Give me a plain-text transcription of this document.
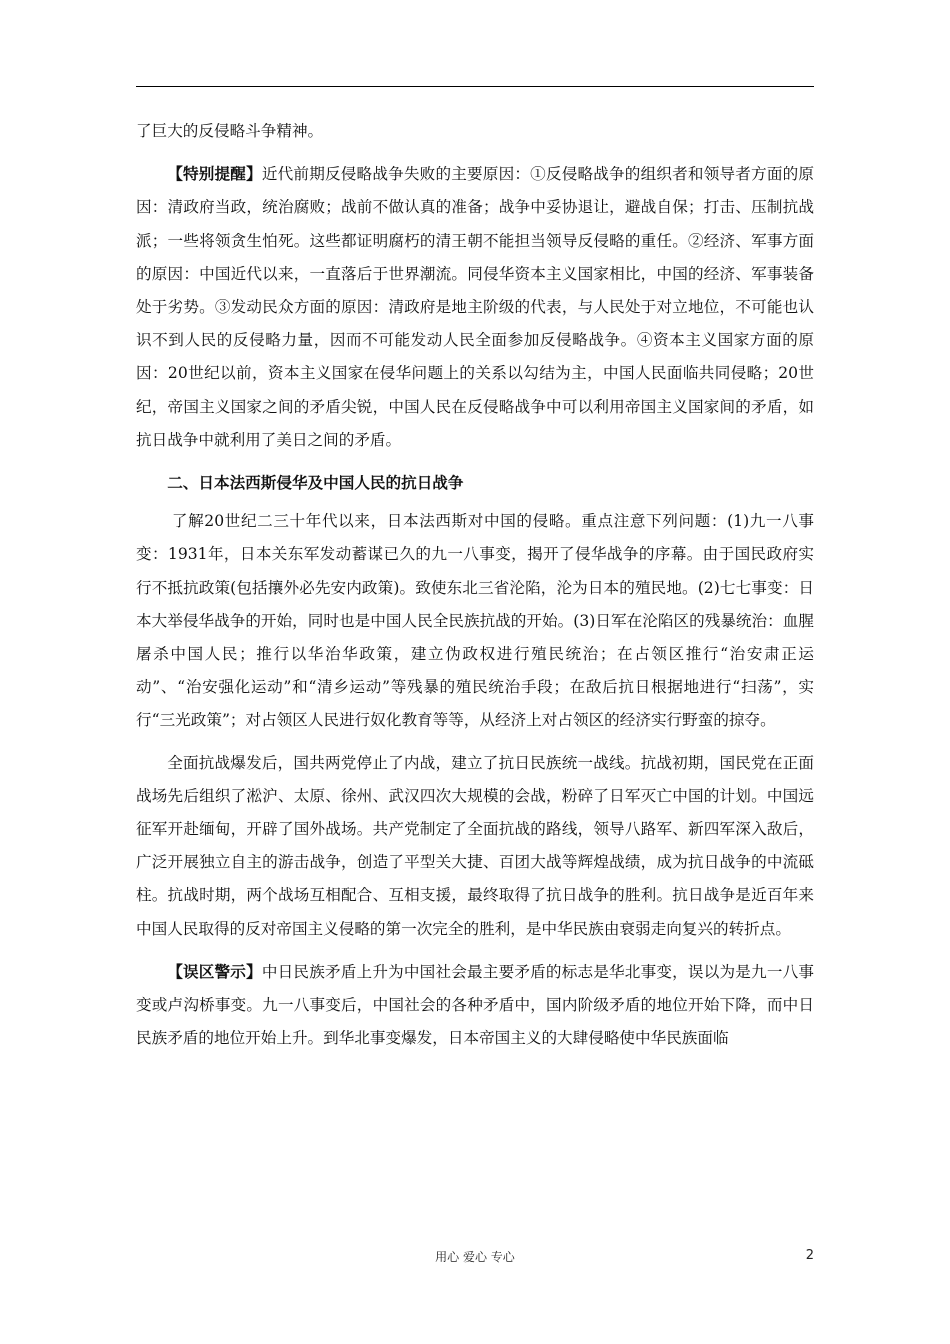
了巨大的反侵略斗争精神。

【特别提醒】近代前期反侵略战争失败的主要原因：①反侵略战争的组织者和领导者方面的原因：清政府当政，统治腐败；战前不做认真的准备；战争中妥协退让，避战自保；打击、压制抗战派；一些将领贪生怕死。这些都证明腐朽的清王朝不能担当领导反侵略的重任。②经济、军事方面的原因：中国近代以来，一直落后于世界潮流。同侵华资本主义国家相比，中国的经济、军事装备处于劣势。③发动民众方面的原因：清政府是地主阶级的代表，与人民处于对立地位，不可能也认识不到人民的反侵略力量，因而不可能发动人民全面参加反侵略战争。④资本主义国家方面的原因：20世纪以前，资本主义国家在侵华问题上的关系以勾结为主，中国人民面临共同侵略；20世纪，帝国主义国家之间的矛盾尖锐，中国人民在反侵略战争中可以利用帝国主义国家间的矛盾，如抗日战争中就利用了美日之间的矛盾。

二、日本法西斯侵华及中国人民的抗日战争

了解20世纪二三十年代以来，日本法西斯对中国的侵略。重点注意下列问题：(1)九一八事变：1931年，日本关东军发动蓄谋已久的九一八事变，揭开了侵华战争的序幕。由于国民政府实行不抵抗政策(包括攘外必先安内政策)。致使东北三省沦陷，沦为日本的殖民地。(2)七七事变：日本大举侵华战争的开始，同时也是中国人民全民族抗战的开始。(3)日军在沦陷区的残暴统治：血腥屠杀中国人民；推行以华治华政策，建立伪政权进行殖民统治；在占领区推行“治安肃正运动”、“治安强化运动”和“清乡运动”等残暴的殖民统治手段；在敌后抗日根据地进行“扫荡”，实行“三光政策”；对占领区人民进行奴化教育等等，从经济上对占领区的经济实行野蛮的掠夺。

全面抗战爆发后，国共两党停止了内战，建立了抗日民族统一战线。抗战初期，国民党在正面战场先后组织了淞沪、太原、徐州、武汉四次大规模的会战，粉碎了日军灭亡中国的计划。中国远征军开赴缅甸，开辟了国外战场。共产党制定了全面抗战的路线，领导八路军、新四军深入敌后，广泛开展独立自主的游击战争，创造了平型关大捷、百团大战等辉煌战绩，成为抗日战争的中流砥柱。抗战时期，两个战场互相配合、互相支援，最终取得了抗日战争的胜利。抗日战争是近百年来中国人民取得的反对帝国主义侵略的第一次完全的胜利，是中华民族由衰弱走向复兴的转折点。

【误区警示】中日民族矛盾上升为中国社会最主要矛盾的标志是华北事变，误以为是九一八事变或卢沟桥事变。九一八事变后，中国社会的各种矛盾中，国内阶级矛盾的地位开始下降，而中日民族矛盾的地位开始上升。到华北事变爆发，日本帝国主义的大肆侵略使中华民族面临

用心 爱心 专心	2
